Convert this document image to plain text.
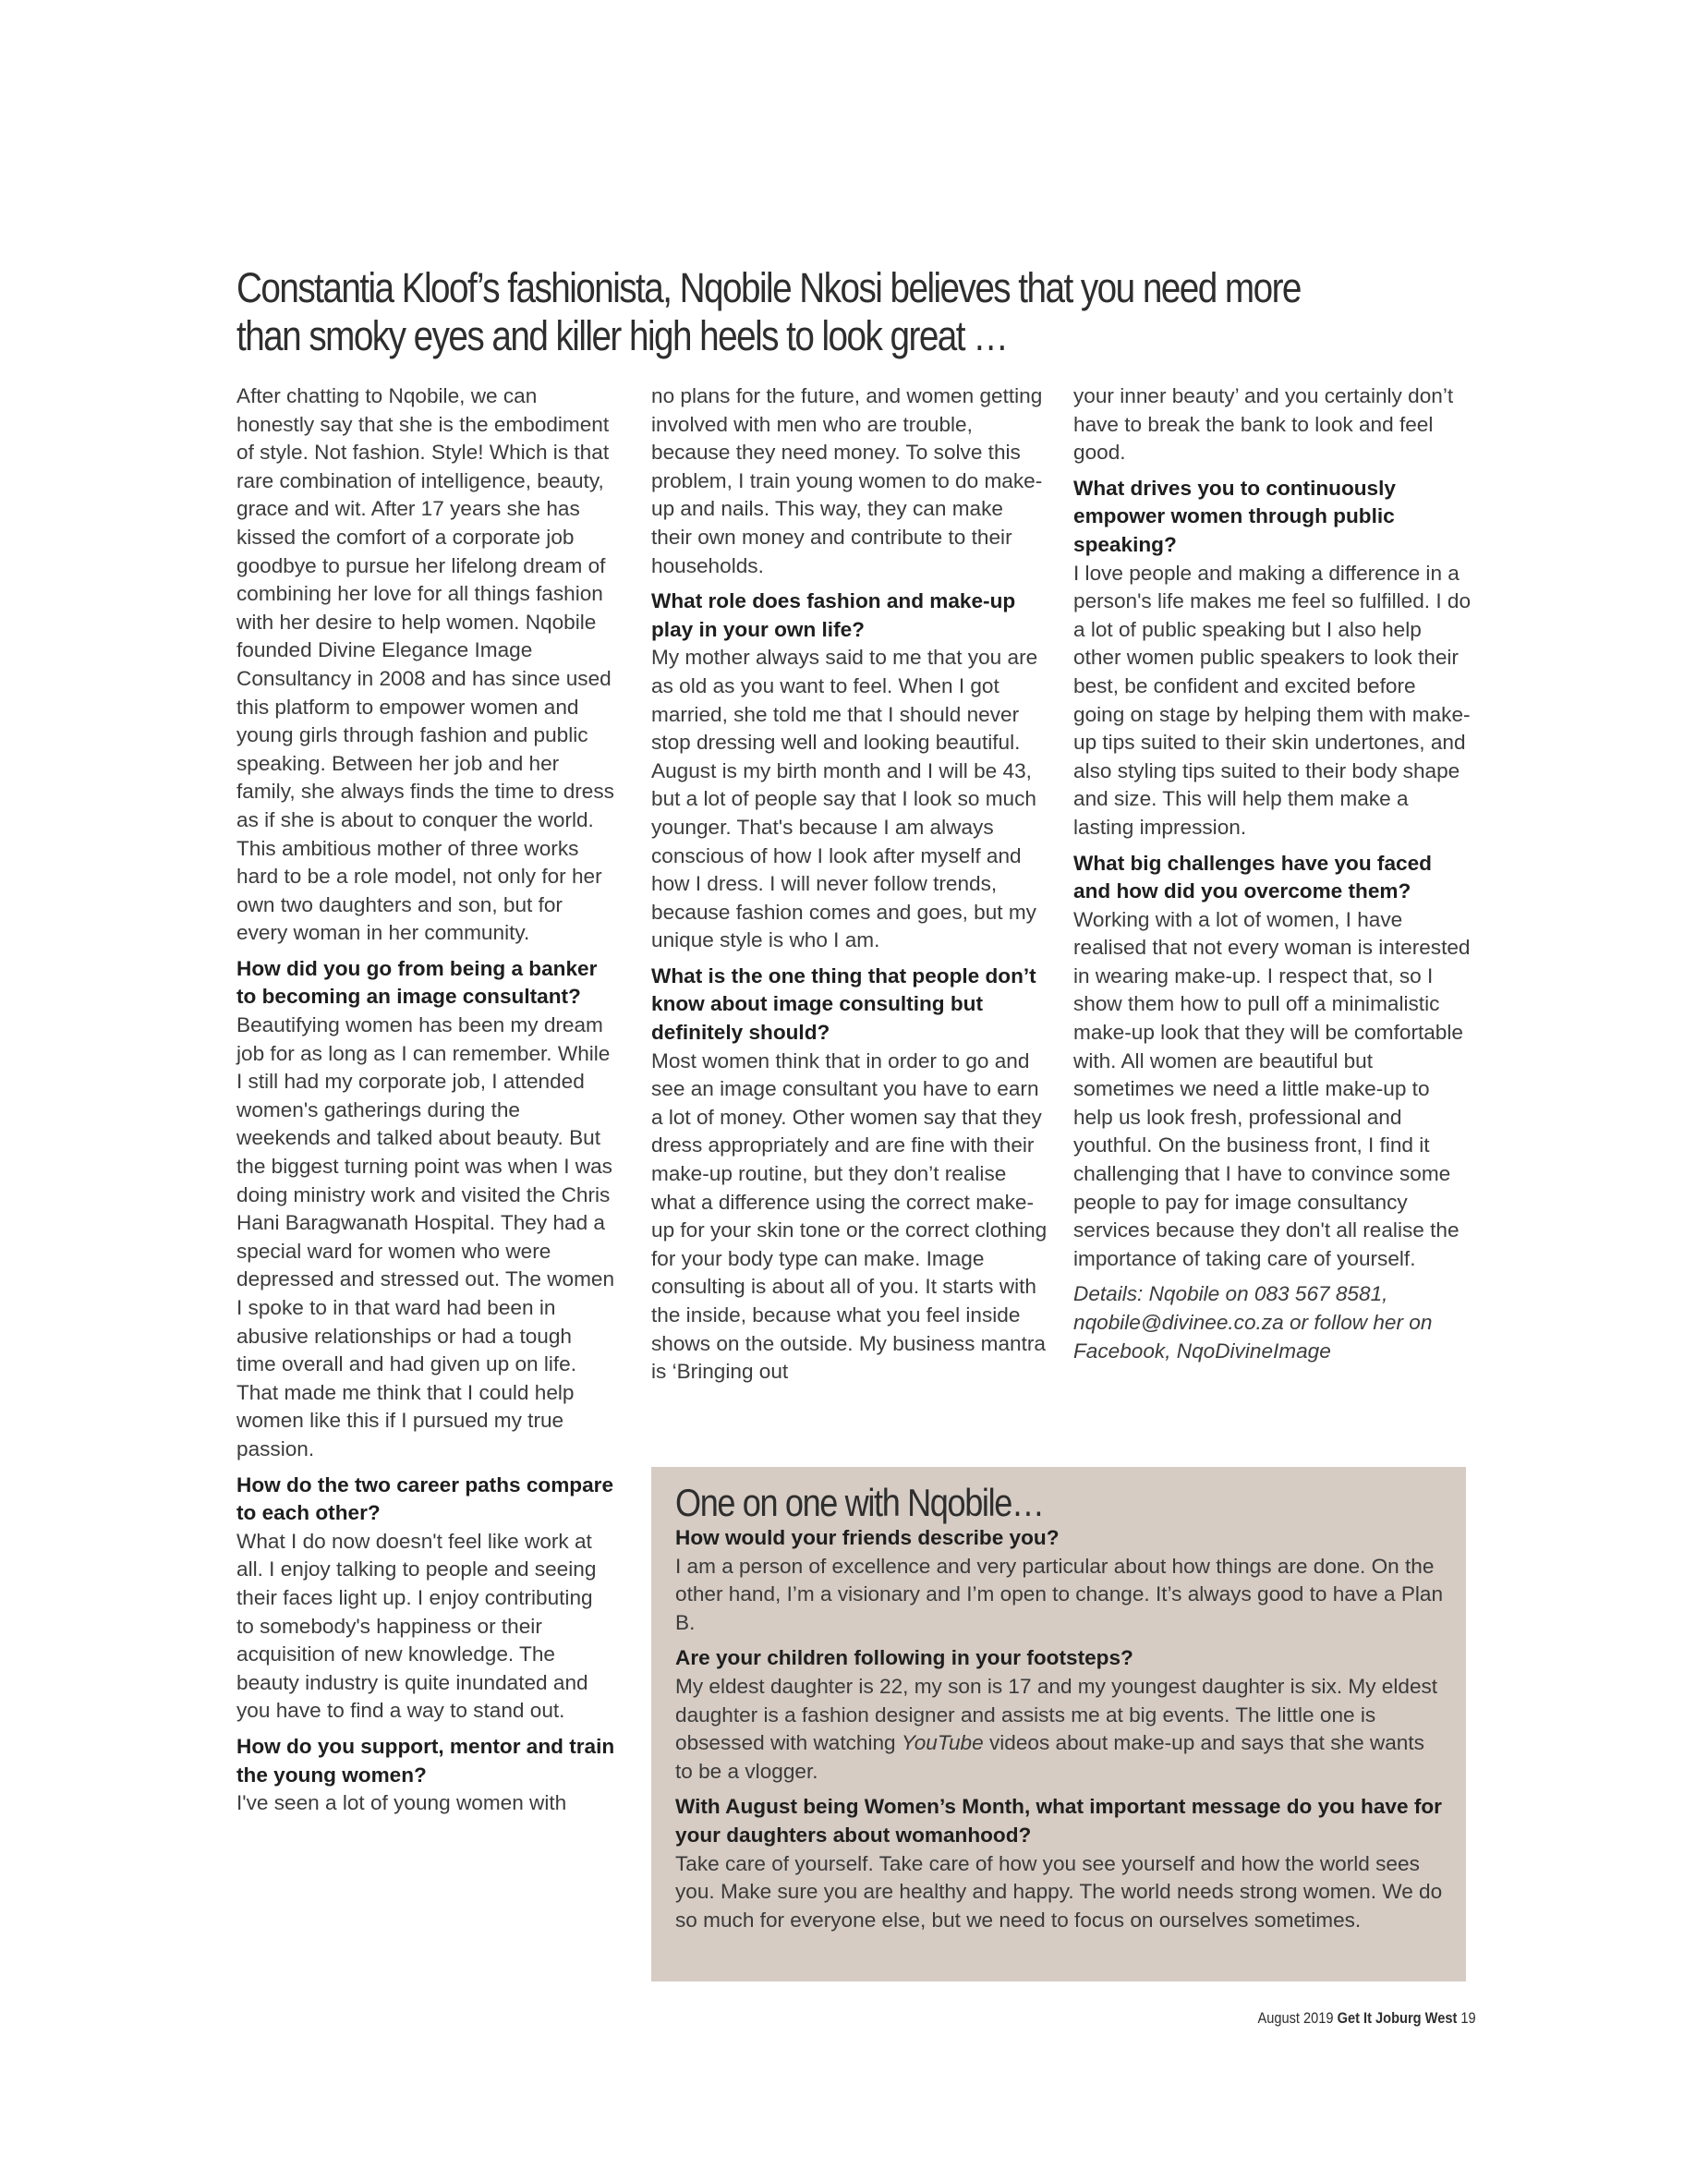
Constantia Kloof’s fashionista, Nqobile Nkosi believes that you need more than smoky eyes and killer high heels to look great …

After chatting to Nqobile, we can honestly say that she is the embodiment of style. Not fashion. Style! Which is that rare combination of intelligence, beauty, grace and wit. After 17 years she has kissed the comfort of a corporate job goodbye to pursue her lifelong dream of combining her love for all things fashion with her desire to help women. Nqobile founded Divine Elegance Image Consultancy in 2008 and has since used this platform to empower women and young girls through fashion and public speaking. Between her job and her family, she always finds the time to dress as if she is about to conquer the world. This ambitious mother of three works hard to be a role model, not only for her own two daughters and son, but for every woman in her community.

How did you go from being a banker to becoming an image consultant?

Beautifying women has been my dream job for as long as I can remember. While I still had my corporate job, I attended women's gatherings during the weekends and talked about beauty. But the biggest turning point was when I was doing ministry work and visited the Chris Hani Baragwanath Hospital. They had a special ward for women who were depressed and stressed out. The women I spoke to in that ward had been in abusive relationships or had a tough time overall and had given up on life. That made me think that I could help women like this if I pursued my true passion.

How do the two career paths compare to each other?

What I do now doesn't feel like work at all. I enjoy talking to people and seeing their faces light up. I enjoy contributing to somebody's happiness or their acquisition of new knowledge. The beauty industry is quite inundated and you have to find a way to stand out.

How do you support, mentor and train the young women?

I've seen a lot of young women with

no plans for the future, and women getting involved with men who are trouble, because they need money. To solve this problem, I train young women to do make-up and nails. This way, they can make their own money and contribute to their households.

What role does fashion and make-up play in your own life?

My mother always said to me that you are as old as you want to feel. When I got married, she told me that I should never stop dressing well and looking beautiful. August is my birth month and I will be 43, but a lot of people say that I look so much younger. That's because I am always conscious of how I look after myself and how I dress. I will never follow trends, because fashion comes and goes, but my unique style is who I am.

What is the one thing that people don’t know about image consulting but definitely should?

Most women think that in order to go and see an image consultant you have to earn a lot of money. Other women say that they dress appropriately and are fine with their make-up routine, but they don’t realise what a difference using the correct make-up for your skin tone or the correct clothing for your body type can make. Image consulting is about all of you. It starts with the inside, because what you feel inside shows on the outside. My business mantra is ‘Bringing out

your inner beauty’ and you certainly don’t have to break the bank to look and feel good.

What drives you to continuously empower women through public speaking?

I love people and making a difference in a person's life makes me feel so fulfilled. I do a lot of public speaking but I also help other women public speakers to look their best, be confident and excited before going on stage by helping them with make-up tips suited to their skin undertones, and also styling tips suited to their body shape and size. This will help them make a lasting impression.

What big challenges have you faced and how did you overcome them?

Working with a lot of women, I have realised that not every woman is interested in wearing make-up. I respect that, so I show them how to pull off a minimalistic make-up look that they will be comfortable with. All women are beautiful but sometimes we need a little make-up to help us look fresh, professional and youthful. On the business front, I find it challenging that I have to convince some people to pay for image consultancy services because they don't all realise the importance of taking care of yourself.

Details: Nqobile on 083 567 8581, nqobile@divinee.co.za or follow her on Facebook, NqoDivineImage

One on one with Nqobile…
How would your friends describe you?

I am a person of excellence and very particular about how things are done. On the other hand, I’m a visionary and I’m open to change. It’s always good to have a Plan B.

Are your children following in your footsteps?

My eldest daughter is 22, my son is 17 and my youngest daughter is six. My eldest daughter is a fashion designer and assists me at big events. The little one is obsessed with watching YouTube videos about make-up and says that she wants to be a vlogger.

With August being Women’s Month, what important message do you have for your daughters about womanhood?

Take care of yourself. Take care of how you see yourself and how the world sees you. Make sure you are healthy and happy. The world needs strong women. We do so much for everyone else, but we need to focus on ourselves sometimes.

August 2019 Get It Joburg West 19
